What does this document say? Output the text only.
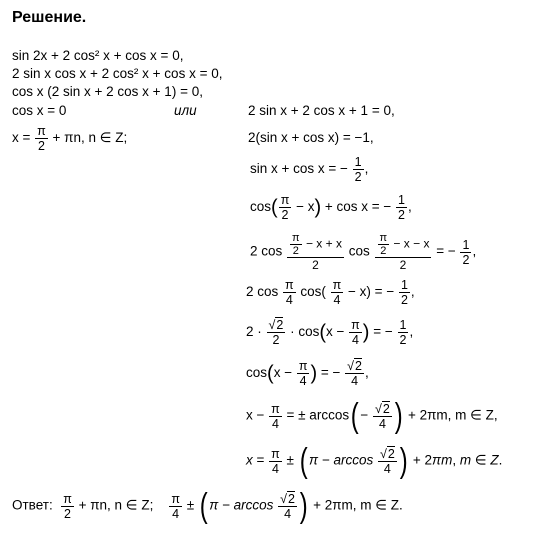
Решение.
sin 2x + 2 cos² x + cos x = 0,
2 sin x cos x + 2 cos² x + cos x = 0,
cos x (2 sin x + 2 cos x + 1) = 0,
cos x = 0	или	2 sin x + 2 cos x + 1 = 0,
$x = \frac{\pi}{2} + \pi n$, n ∈ Z;	2(sin x + cos x) = −1,
sin x + cos x = − $\frac{1}{2}$ ,
$\cos( \frac{\pi}{2} - x) + \cos x$ = − $\frac{1}{2}$ ,
2 $\cos \frac{\frac{\pi}{2} - x + x}{2}$ $\cos \frac{\frac{\pi}{2} - x - x}{2}$ = − $\frac{1}{2}$ ,
2 $\cos \frac{\pi}{4} \cos( \frac{\pi}{4} - x)$ = − $\frac{1}{2}$ ,
$2 \cdot \frac{√2}{2} \cdot \cos(x - \frac{\pi}{4}$ ) = − $\frac{1}{2}$ ,
$\cos(x - \frac{\pi}{4}$ ) = − $\frac{√2}{4}$ ,
$x - \frac{\pi}{4}$ = ± $\arccos( - \frac{√2}{4}$ ) + 2πm, m ∈ Z,
$x = \frac{\pi}{4}$ ± ( $\pi - \arccos \frac{√2}{4}$ ) + 2πm, m ∈ Z.
Ответ: $\frac{\pi}{2} + \pi n$, n ∈ Z; $\frac{\pi}{4}$ ± ( $\pi - \arccos \frac{√2}{4}$ ) + 2πm, m ∈ Z.
